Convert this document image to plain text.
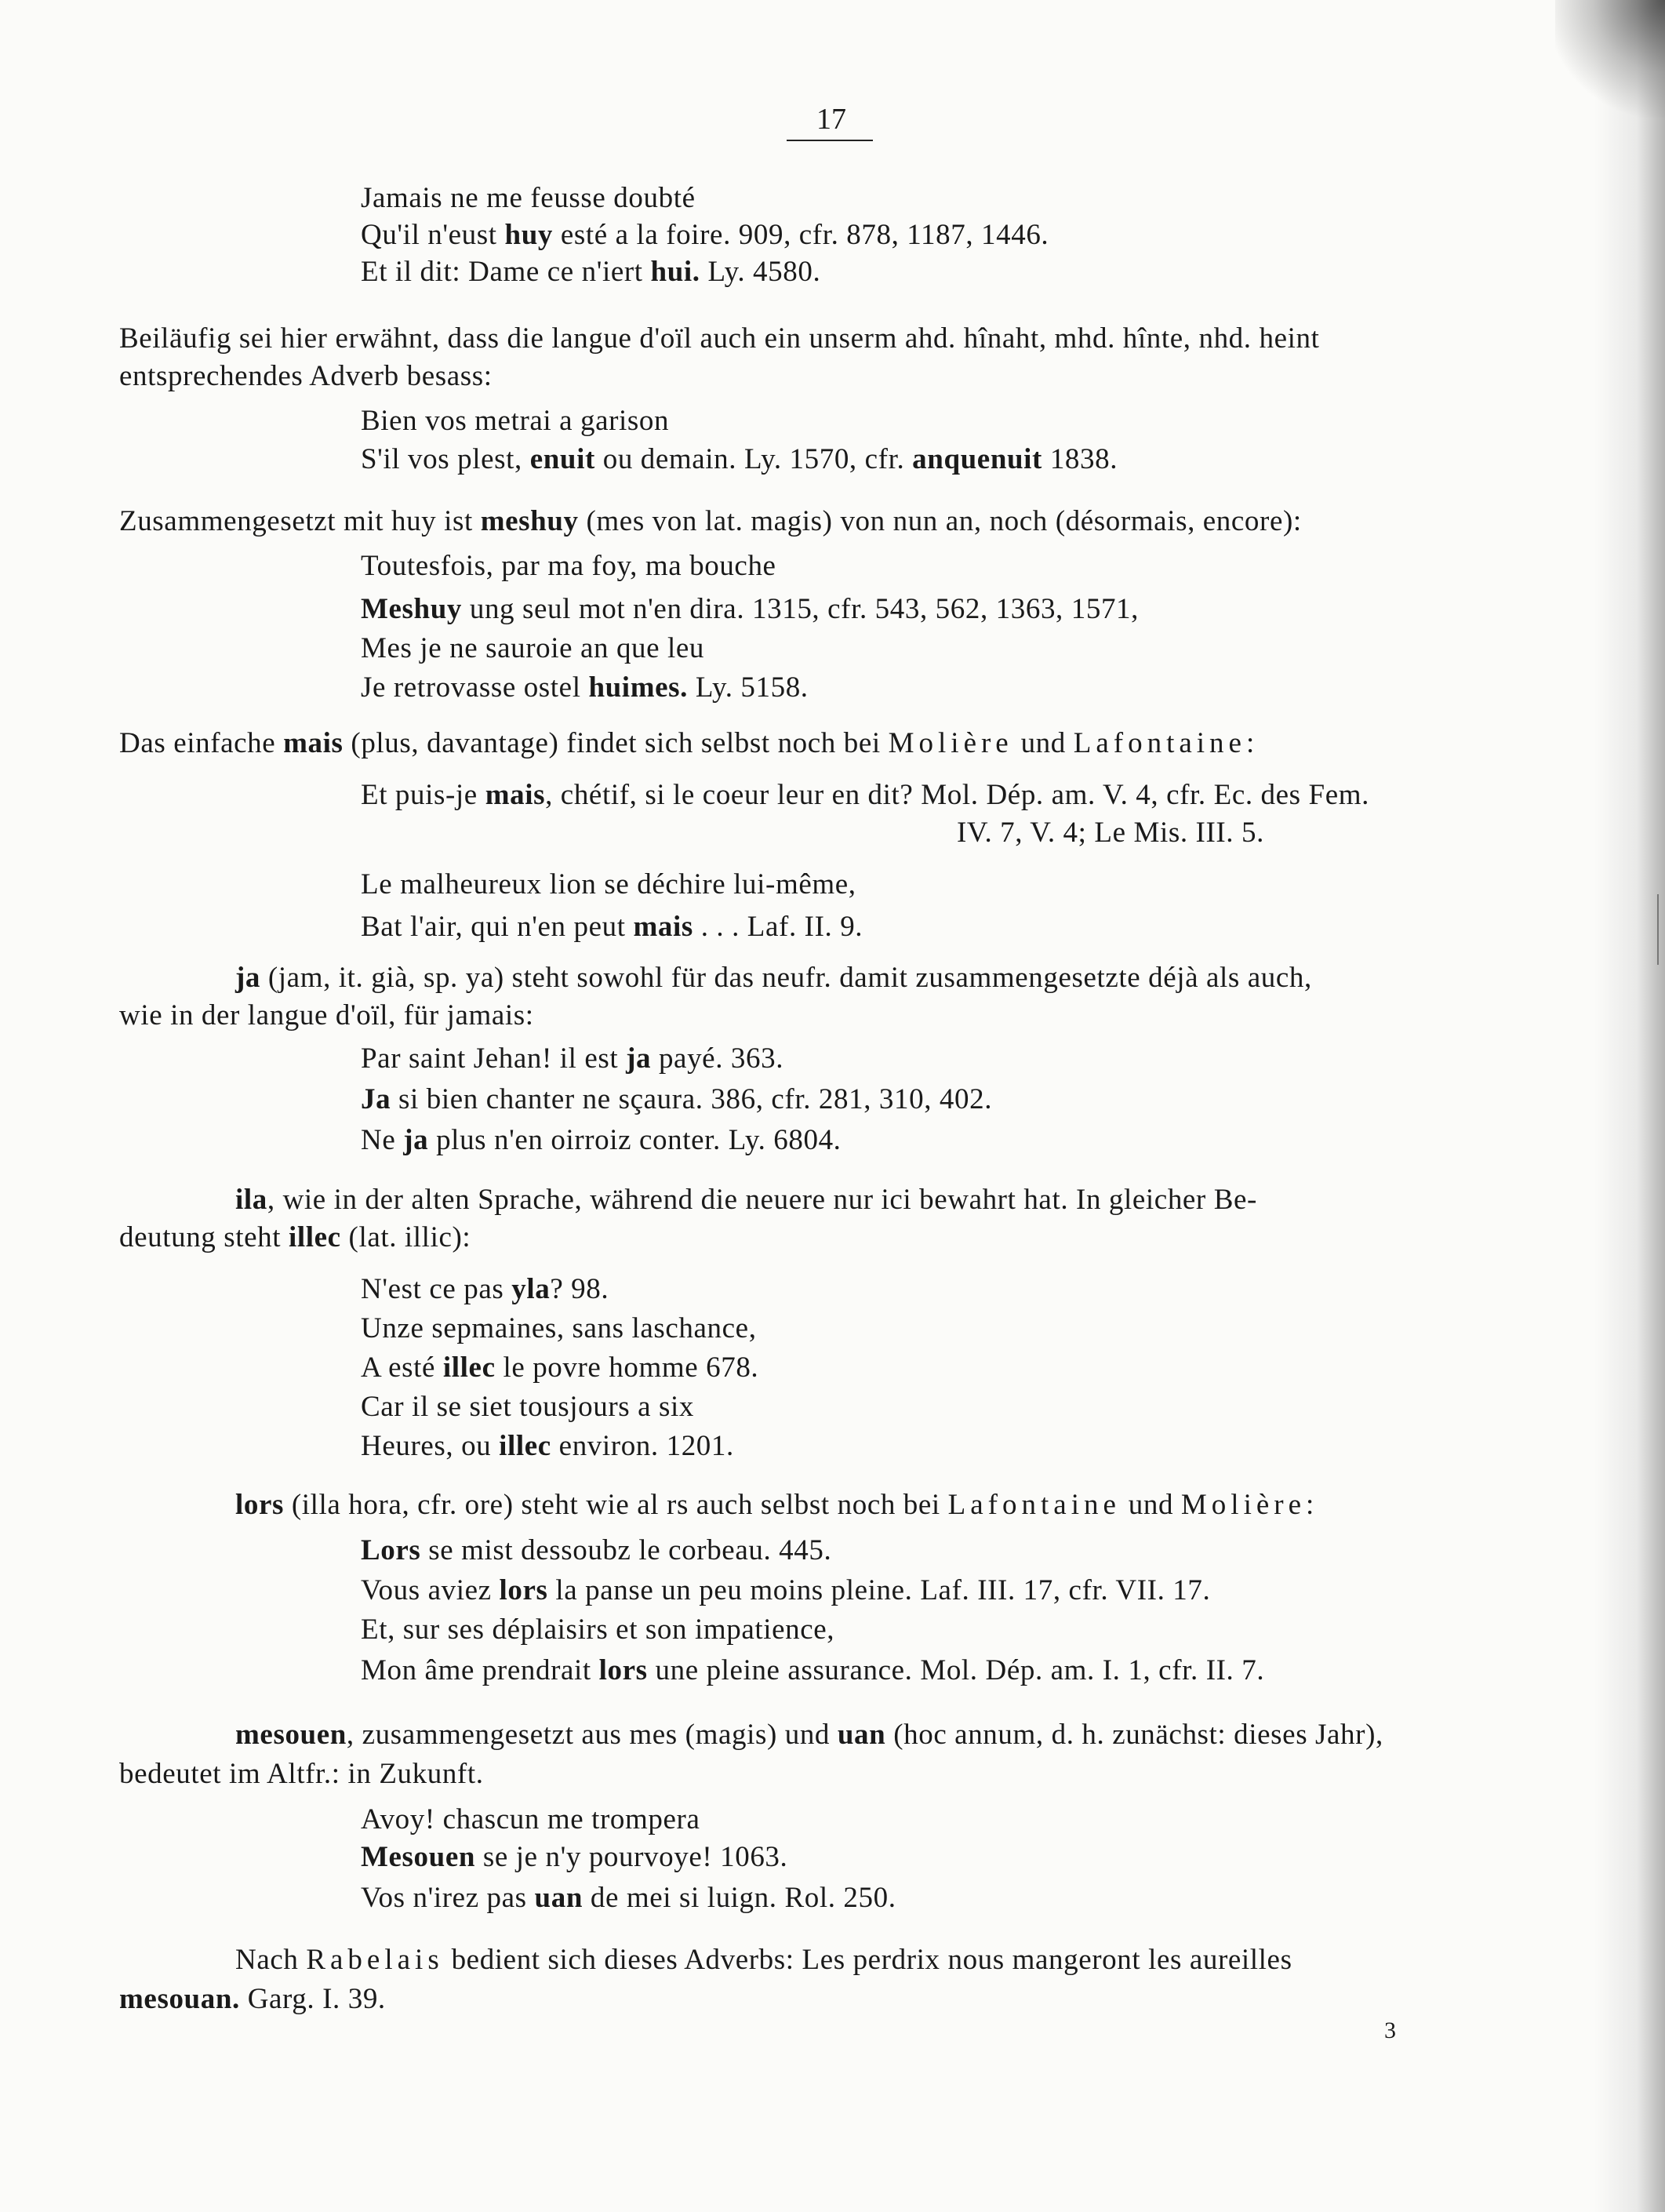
17
Jamais ne me feusse doubté
Qu'il n'eust huy esté a la foire. 909, cfr. 878, 1187, 1446.
Et il dit: Dame ce n'iert hui. Ly. 4580.
Beiläufig sei hier erwähnt, dass die langue d'oïl auch ein unserm ahd. hînaht, mhd. hînte, nhd. heint
entsprechendes Adverb besass:
Bien vos metrai a garison
S'il vos plest, enuit ou demain. Ly. 1570, cfr. anquenuit 1838.
Zusammengesetzt mit huy ist meshuy (mes von lat. magis) von nun an, noch (désormais, encore):
Toutesfois, par ma foy, ma bouche
Meshuy ung seul mot n'en dira. 1315, cfr. 543, 562, 1363, 1571,
Mes je ne sauroie an que leu
Je retrovasse ostel huimes. Ly. 5158.
Das einfache mais (plus, davantage) findet sich selbst noch bei Molière und Lafontaine:
Et puis-je mais, chétif, si le coeur leur en dit? Mol. Dép. am. V. 4, cfr. Ec. des Fem.
IV. 7, V. 4; Le Mis. III. 5.
Le malheureux lion se déchire lui-même,
Bat l'air, qui n'en peut mais . . . Laf. II. 9.
ja (jam, it. già, sp. ya) steht sowohl für das neufr. damit zusammengesetzte déjà als auch,
wie in der langue d'oïl, für jamais:
Par saint Jehan! il est ja payé. 363.
Ja si bien chanter ne sçaura. 386, cfr. 281, 310, 402.
Ne ja plus n'en oirroiz conter. Ly. 6804.
ila, wie in der alten Sprache, während die neuere nur ici bewahrt hat. In gleicher Be-
deutung steht illec (lat. illic):
N'est ce pas yla? 98.
Unze sepmaines, sans laschance,
A esté illec le povre homme 678.
Car il se siet tousjours a six
Heures, ou illec environ. 1201.
lors (illa hora, cfr. ore) steht wie al rs auch selbst noch bei Lafontaine und Molière:
Lors se mist dessoubz le corbeau. 445.
Vous aviez lors la panse un peu moins pleine. Laf. III. 17, cfr. VII. 17.
Et, sur ses déplaisirs et son impatience,
Mon âme prendrait lors une pleine assurance. Mol. Dép. am. I. 1, cfr. II. 7.
mesouen, zusammengesetzt aus mes (magis) und uan (hoc annum, d. h. zunächst: dieses Jahr),
bedeutet im Altfr.: in Zukunft.
Avoy! chascun me trompera
Mesouen se je n'y pourvoye! 1063.
Vos n'irez pas uan de mei si luign. Rol. 250.
Nach Rabelais bedient sich dieses Adverbs: Les perdrix nous mangeront les aureilles
mesouan. Garg. I. 39.
3
